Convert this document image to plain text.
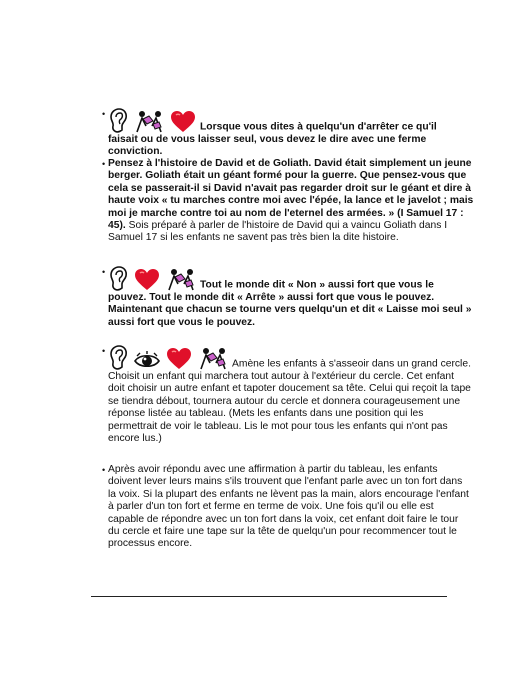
•

Lorsque vous dites à quelqu'un d'arrêter ce qu'il faisait ou de vous laisser seul, vous devez le dire avec une ferme conviction.

• Pensez à l'histoire de David et de Goliath. David était simplement un jeune berger. Goliath était un géant formé pour la guerre. Que pensez-vous que cela se passerait-il si David n'avait pas regarder droit sur le géant et dire à haute voix « tu marches contre moi avec l'épée, la lance et le javelot ; mais moi je marche contre toi au nom de l'eternel des armées. » (I Samuel 17 : 45). Sois préparé à parler de l'histoire de David qui a vaincu Goliath dans I Samuel 17 si les enfants ne savent pas très bien la dite histoire.

•

Tout le monde dit « Non » aussi fort que vous le pouvez. Tout le monde dit « Arrête » aussi fort que vous le pouvez. Maintenant que chacun se tourne vers quelqu'un et dit « Laisse moi seul » aussi fort que vous le pouvez.

•

Amène les enfants à s'asseoir dans un grand cercle. Choisit un enfant qui marchera tout autour à l'extérieur du cercle. Cet enfant doit choisir un autre enfant et tapoter doucement sa tête. Celui qui reçoit la tape se tiendra débout, tournera autour du cercle et donnera courageusement une réponse listée au tableau. (Mets les enfants dans une position qui les permettrait de voir le tableau. Lis le mot pour tous les enfants qui n'ont pas encore lus.)

• Après avoir répondu avec une affirmation à partir du tableau, les enfants doivent lever leurs mains s'ils trouvent que l'enfant parle avec un ton fort dans la voix. Si la plupart des enfants ne lèvent pas la main, alors encourage l'enfant à parler d'un ton fort et ferme en terme de voix. Une fois qu'il ou elle est capable de répondre avec un ton fort dans la voix, cet enfant doit faire le tour du cercle et faire une tape sur la tête de quelqu'un pour recommencer tout le processus encore.
